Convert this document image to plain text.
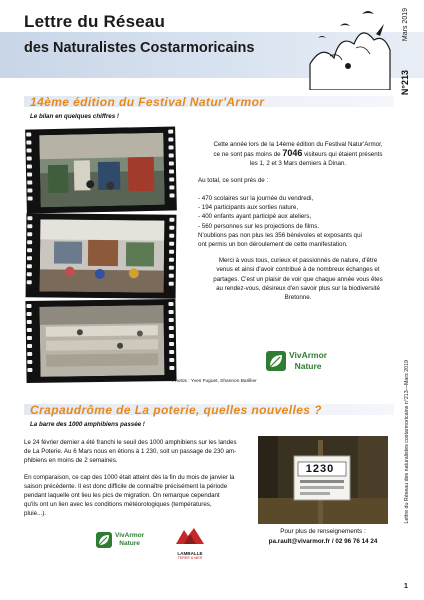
Lettre du Réseau
des Naturalistes Costarmoricains
Mars 2019
N°213
14ème édition du Festival Natur'Armor
Le bilan en quelques chiffres !
Photos : Yves Fuguet, Shannon Barillier

Cette année lors de la 14ème édition du Festival Natur'Armor,
ce ne sont pas moins de 7046 visiteurs qui étaient présents
les 1, 2 et 3 Mars derniers à Dinan.

Au total, ce sont près de :

- 470 scolaires sur la journée du vendredi,
- 194 participants aux sorties nature,
- 400 enfants ayant participé aux ateliers,
- 560 personnes sur les projections de films.
N'oublions pas non plus les 356 bénévoles et exposants qui
ont permis un bon déroulement de cette manifestation.

Merci à vous tous, curieux et passionnés de nature, d'être
venus et ainsi d'avoir contribué à de nombreux échanges et
partages. C'est un plaisir de voir que chaque année vous êtes
au rendez-vous, désireux d'en savoir plus sur la biodiversité
Bretonne.

VivArmor
Nature
Crapaudrôme de La poterie, quelles nouvelles ?
La barre des 1000 amphibiens passée !

Le 24 février dernier a été franchi le seuil des 1000 amphibiens sur les landes
de La Poterie. Au 6 Mars nous en étions à 1 230, soit un passage de 230 am-
phibiens en moins de 2 semaines.

En comparaison, ce cap des 1000 était atteint dès la fin du mois de janvier la
saison précédente. Il est donc difficile de connaître précisément la période
pendant laquelle ont lieu les pics de migration. On remarque cependant
qu'ils ont un lien avec les conditions météorologiques (températures,
pluie...).

VivArmor
Nature
LAMBALLE
TERRE & MER
1230
Pour plus de renseignements :
pa.rault@vivarmor.fr / 02 96 76 14 24
Lettre du Réseau des naturalistes costarmoricains n°213—Mars 2019
1
